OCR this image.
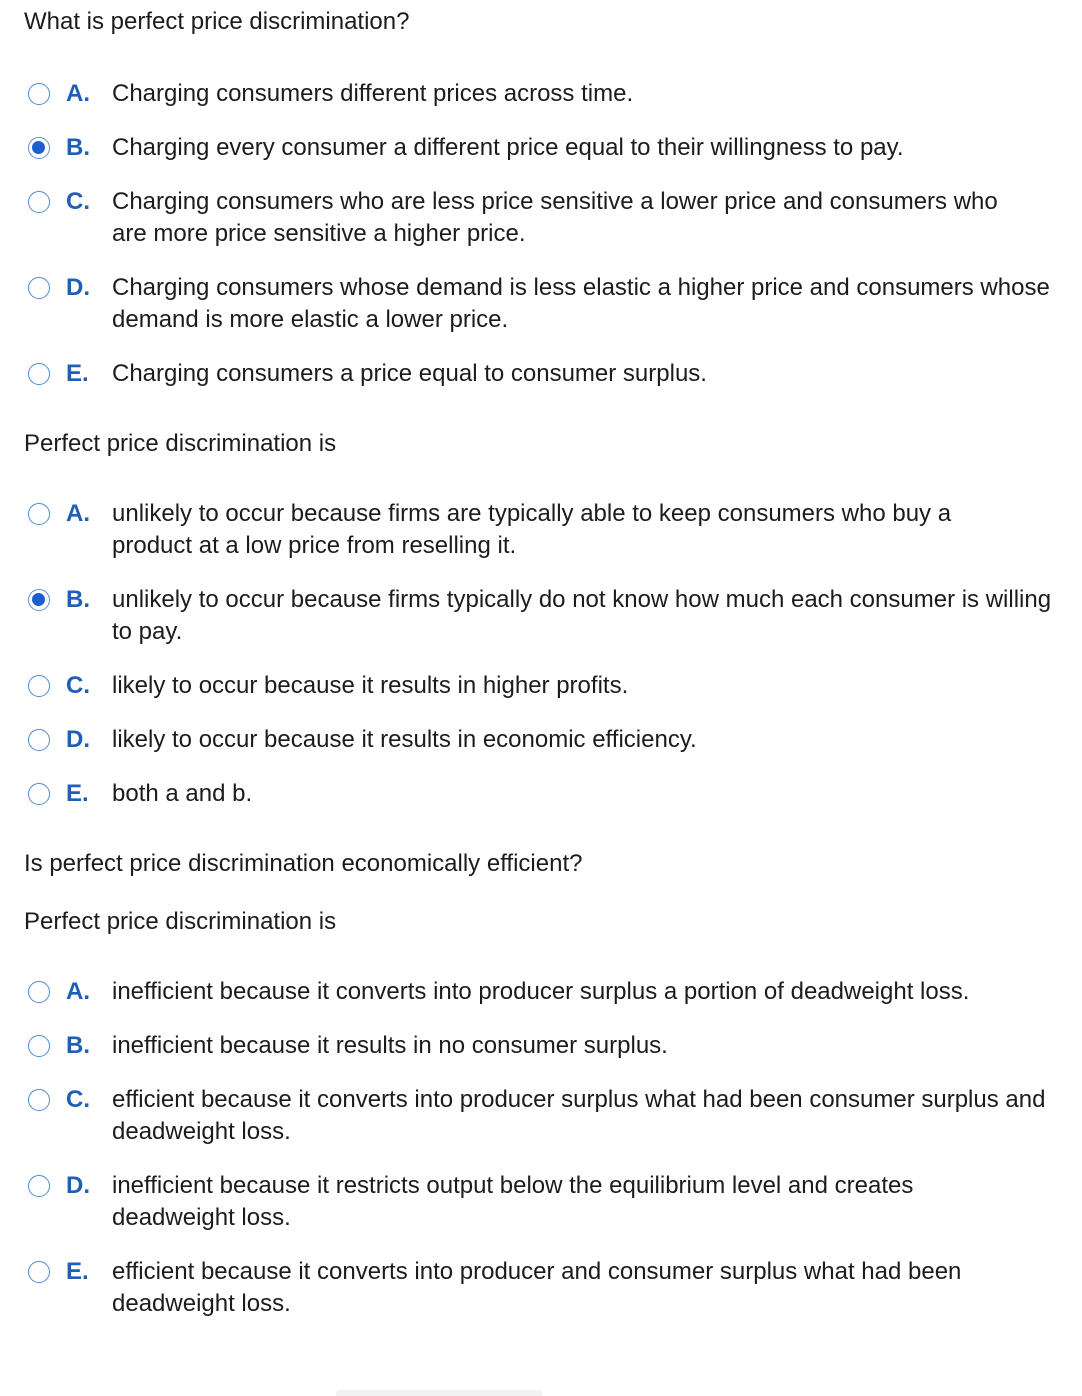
What is perfect price discrimination?
A. Charging consumers different prices across time.
B. Charging every consumer a different price equal to their willingness to pay.
C. Charging consumers who are less price sensitive a lower price and consumers who are more price sensitive a higher price.
D. Charging consumers whose demand is less elastic a higher price and consumers whose demand is more elastic a lower price.
E. Charging consumers a price equal to consumer surplus.
Perfect price discrimination is
A. unlikely to occur because firms are typically able to keep consumers who buy a product at a low price from reselling it.
B. unlikely to occur because firms typically do not know how much each consumer is willing to pay.
C. likely to occur because it results in higher profits.
D. likely to occur because it results in economic efficiency.
E. both a and b.
Is perfect price discrimination economically efficient?
Perfect price discrimination is
A. inefficient because it converts into producer surplus a portion of deadweight loss.
B. inefficient because it results in no consumer surplus.
C. efficient because it converts into producer surplus what had been consumer surplus and deadweight loss.
D. inefficient because it restricts output below the equilibrium level and creates deadweight loss.
E. efficient because it converts into producer and consumer surplus what had been deadweight loss.
